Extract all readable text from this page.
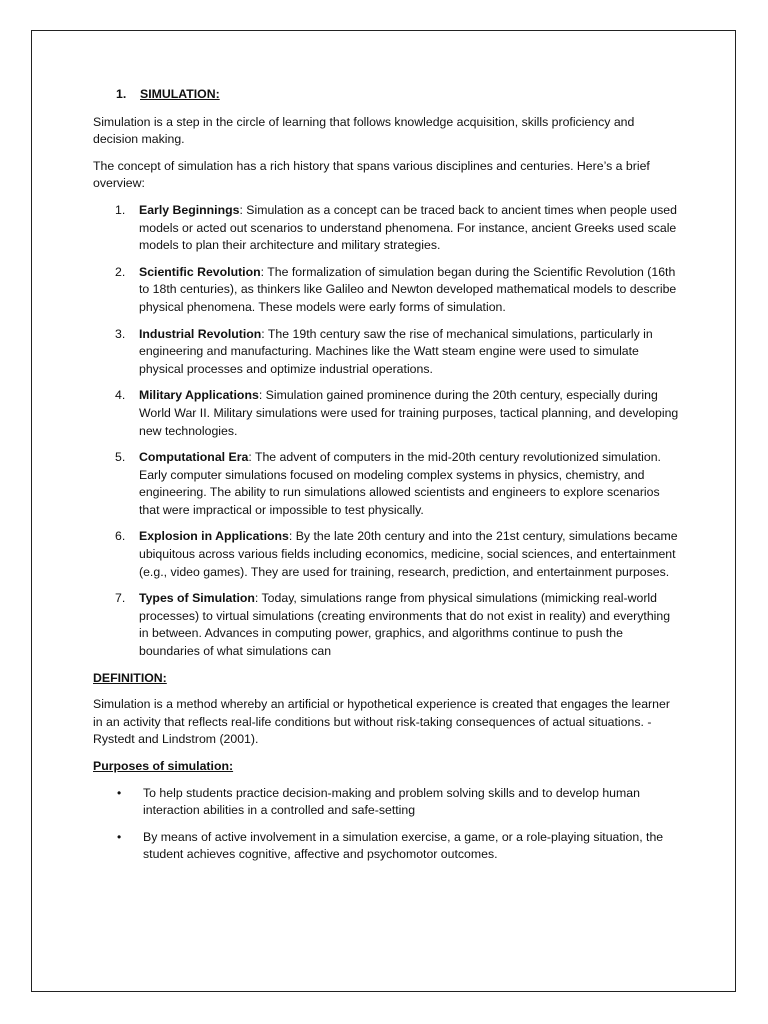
1. SIMULATION:

Simulation is a step in the circle of learning that follows knowledge acquisition, skills proficiency and decision making.

The concept of simulation has a rich history that spans various disciplines and centuries. Here’s a brief overview:

1. Early Beginnings: Simulation as a concept can be traced back to ancient times when people used models or acted out scenarios to understand phenomena. For instance, ancient Greeks used scale models to plan their architecture and military strategies.
2. Scientific Revolution: The formalization of simulation began during the Scientific Revolution (16th to 18th centuries), as thinkers like Galileo and Newton developed mathematical models to describe physical phenomena. These models were early forms of simulation.
3. Industrial Revolution: The 19th century saw the rise of mechanical simulations, particularly in engineering and manufacturing. Machines like the Watt steam engine were used to simulate physical processes and optimize industrial operations.
4. Military Applications: Simulation gained prominence during the 20th century, especially during World War II. Military simulations were used for training purposes, tactical planning, and developing new technologies.
5. Computational Era: The advent of computers in the mid-20th century revolutionized simulation. Early computer simulations focused on modeling complex systems in physics, chemistry, and engineering. The ability to run simulations allowed scientists and engineers to explore scenarios that were impractical or impossible to test physically.
6. Explosion in Applications: By the late 20th century and into the 21st century, simulations became ubiquitous across various fields including economics, medicine, social sciences, and entertainment (e.g., video games). They are used for training, research, prediction, and entertainment purposes.
7. Types of Simulation: Today, simulations range from physical simulations (mimicking real-world processes) to virtual simulations (creating environments that do not exist in reality) and everything in between. Advances in computing power, graphics, and algorithms continue to push the boundaries of what simulations can
DEFINITION:

Simulation is a method whereby an artificial or hypothetical experience is created that engages the learner in an activity that reflects real-life conditions but without risk-taking consequences of actual situations. -Rystedt and Lindstrom (2001).

Purposes of simulation:
• To help students practice decision-making and problem solving skills and to develop human interaction abilities in a controlled and safe-setting
• By means of active involvement in a simulation exercise, a game, or a role-playing situation, the student achieves cognitive, affective and psychomotor outcomes.
